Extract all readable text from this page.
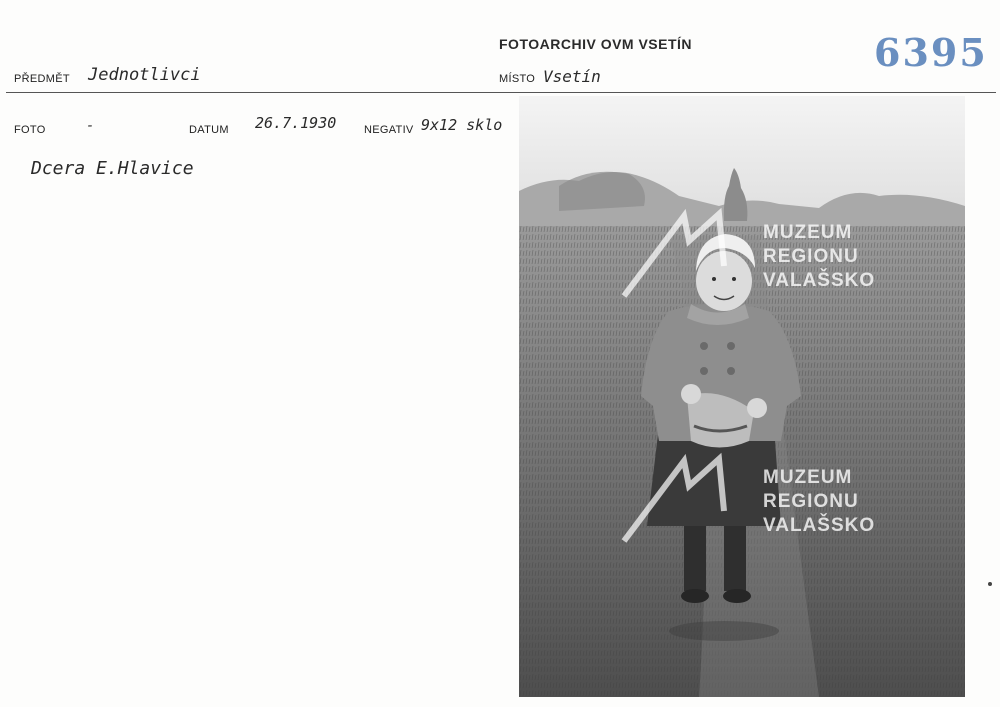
FOTOARCHIV OVM VSETÍN	6395
PŘEDMĚT Jednotlivci	MÍSTO Vsetín
FOTO	-	DATUM 26.7.1930	NEGATIV 9x12 sklo
Dcera E.Hlavice
MUZEUM
REGIONU
VALAŠSKO
MUZEUM
REGIONU
VALAŠSKO
